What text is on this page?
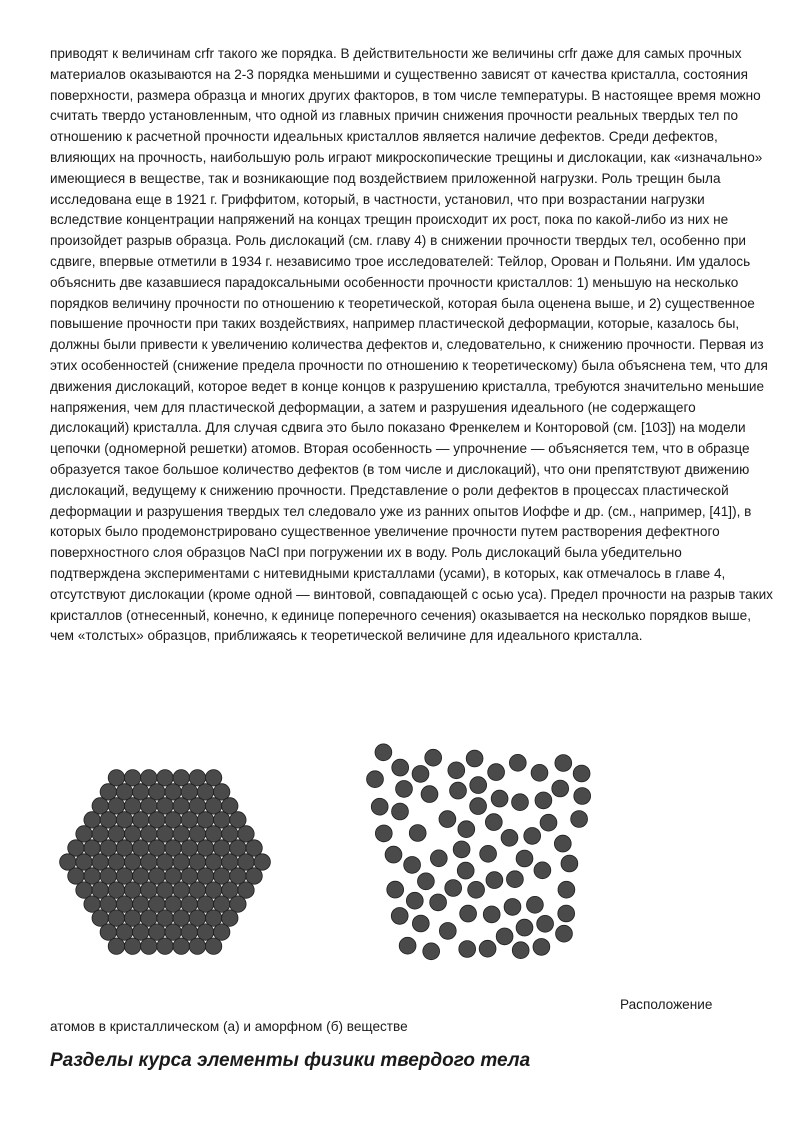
приводят к величинам crfr такого же порядка. В действительности же величины crfr даже для самых прочных материалов оказываются на 2-3 порядка меньшими и существенно зависят от качества кристалла, состояния поверхности, размера образца и многих других факторов, в том числе температуры. В настоящее время можно считать твердо установленным, что одной из главных причин снижения прочности реальных твердых тел по отношению к расчетной прочности идеальных кристаллов является наличие дефектов. Среди дефектов, влияющих на прочность, наибольшую роль играют микроскопические трещины и дислокации, как «изначально» имеющиеся в веществе, так и возникающие под воздействием приложенной нагрузки. Роль трещин была исследована еще в 1921 г. Гриффитом, который, в частности, установил, что при возрастании нагрузки вследствие концентрации напряжений на концах трещин происходит их рост, пока по какой-либо из них не произойдет разрыв образца. Роль дислокаций (см. главу 4) в снижении прочности твердых тел, особенно при сдвиге, впервые отметили в 1934 г. независимо трое исследователей: Тейлор, Орован и Польяни. Им удалось объяснить две казавшиеся парадоксальными особенности прочности кристаллов: 1) меньшую на несколько порядков величину прочности по отношению к теоретической, которая была оценена выше, и 2) существенное повышение прочности при таких воздействиях, например пластической деформации, которые, казалось бы, должны были привести к увеличению количества дефектов и, следовательно, к снижению прочности. Первая из этих особенностей (снижение предела прочности по отношению к теоретическому) была объяснена тем, что для движения дислокаций, которое ведет в конце концов к разрушению кристалла, требуются значительно меньшие напряжения, чем для пластической деформации, а затем и разрушения идеального (не содержащего дислокаций) кристалла. Для случая сдвига это было показано Френкелем и Конторовой (см. [103]) на модели цепочки (одномерной решетки) атомов. Вторая особенность — упрочнение — объясняется тем, что в образце образуется такое большое количество дефектов (в том числе и дислокаций), что они препятствуют движению дислокаций, ведущему к снижению прочности. Представление о роли дефектов в процессах пластической деформации и разрушения твердых тел следовало уже из ранних опытов Иоффе и др. (см., например, [41]), в которых было продемонстрировано существенное увеличение прочности путем растворения дефектного поверхностного слоя образцов NaCl при погружении их в воду. Роль дислокаций была убедительно подтверждена экспериментами с нитевидными кристаллами (усами), в которых, как отмечалось в главе 4, отсутствуют дислокации (кроме одной — винтовой, совпадающей с осью уса). Предел прочности на разрыв таких кристаллов (отнесенный, конечно, к единице поперечного сечения) оказывается на несколько порядков выше, чем «толстых» образцов, приближаясь к теоретической величине для идеального кристалла.

Расположение
атомов в кристаллическом (а) и аморфном (б) веществе
Разделы курса элементы физики твердого тела
